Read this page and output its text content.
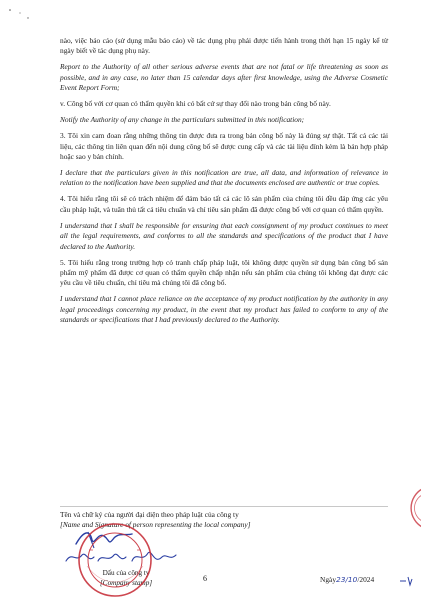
nào, việc báo cáo (sử dụng mẫu báo cáo) về tác dụng phụ phải được tiến hành trong thời hạn 15 ngày kể từ ngày biết về tác dụng phụ này.

Report to the Authority of all other serious adverse events that are not fatal or life threatening as soon as possible, and in any case, no later than 15 calendar days after first knowledge, using the Adverse Cosmetic Event Report Form;

v. Công bố với cơ quan có thẩm quyền khi có bất cứ sự thay đổi nào trong bản công bố này.

Notify the Authority of any change in the particulars submitted in this notification;

3. Tôi xin cam đoan rằng những thông tin được đưa ra trong bản công bố này là đúng sự thật. Tất cả các tài liệu, các thông tin liên quan đến nội dung công bố sẽ được cung cấp và các tài liệu đính kèm là bản hợp pháp hoặc sao y bản chính.

I declare that the particulars given in this notification are true, all data, and information of relevance in relation to the notification have been supplied and that the documents enclosed are authentic or true copies.

4. Tôi hiểu rằng tôi sẽ có trách nhiệm để đảm bảo tất cả các lô sản phẩm của chúng tôi đều đáp ứng các yêu cầu pháp luật, và tuân thủ tất cả tiêu chuẩn và chỉ tiêu sản phẩm đã được công bố với cơ quan có thẩm quyền.

I understand that I shall be responsible for ensuring that each consignment of my product continues to meet all the legal requirements, and conforms to all the standards and specifications of the product that I have declared to the Authority.

5. Tôi hiểu rằng trong trường hợp có tranh chấp pháp luật, tôi không được quyền sử dụng bản công bố sản phẩm mỹ phẩm đã được cơ quan có thẩm quyền chấp nhận nếu sản phẩm của chúng tôi không đạt được các yêu cầu về tiêu chuẩn, chỉ tiêu mà chúng tôi đã công bố.

I understand that I cannot place reliance on the acceptance of my product notification by the authority in any legal proceedings concerning my product, in the event that my product has failed to conform to any of the standards or specifications that I had previously declared to the Authority.

Tên và chữ ký của người đại diện theo pháp luật của công ty
[Name and Signature of person representing the local company]
Dấu của công ty
[Company stamp]	Ngày23/10/2024
6
